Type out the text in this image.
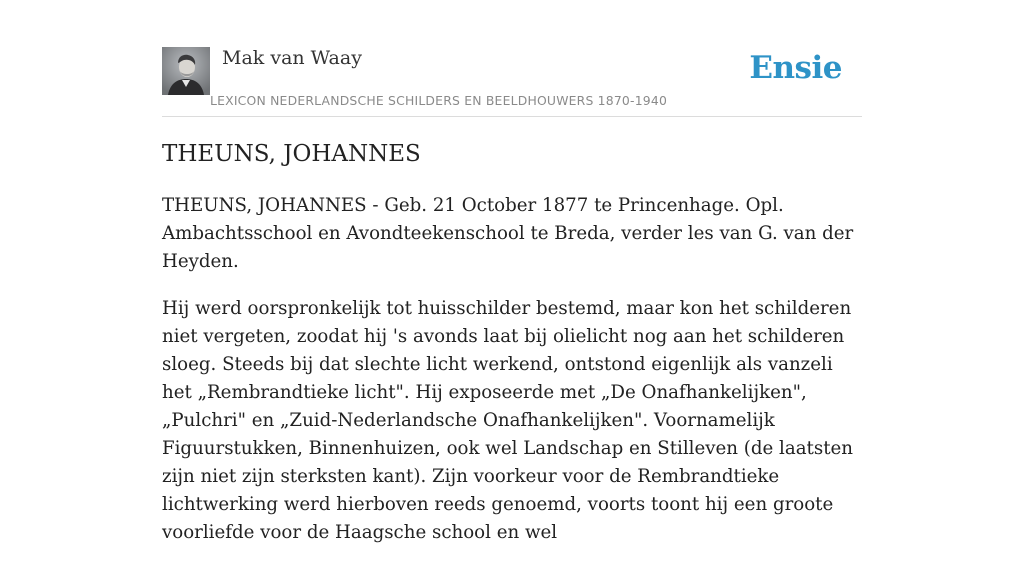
Mak van Waay
LEXICON NEDERLANDSCHE SCHILDERS EN BEELDHOUWERS 1870-1940
Ensie
THEUNS, JOHANNES

THEUNS, JOHANNES - Geb. 21 October 1877 te Princenhage. Opl. Ambachtsschool en Avondteekenschool te Breda, verder les van G. van der Heyden.

Hij werd oorspronkelijk tot huisschilder bestemd, maar kon het schilderen niet vergeten, zoodat hij 's avonds laat bij olielicht nog aan het schilderen sloeg. Steeds bij dat slechte licht werkend, ontstond eigenlijk als vanzeli het „Rembrandtieke licht". Hij exposeerde met „De Onafhankelijken", „Pulchri" en „Zuid-Nederlandsche Onafhankelijken". Voornamelijk Figuurstukken, Binnenhuizen, ook wel Landschap en Stilleven (de laatsten zijn niet zijn sterksten kant). Zijn voorkeur voor de Rembrandtieke lichtwerking werd hierboven reeds genoemd, voorts toont hij een groote voorliefde voor de Haagsche school en wel
